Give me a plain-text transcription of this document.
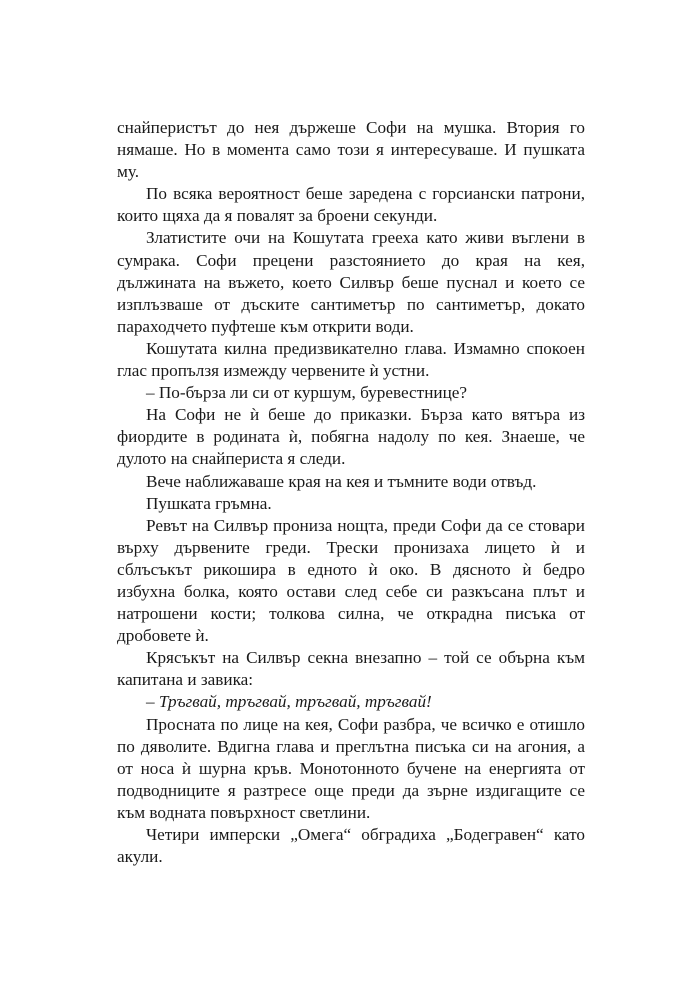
снайперистът до нея държеше Софи на мушка. Втория го
нямаше. Но в момента само този я интересуваше. И пушката
му.
По всяка вероятност беше заредена с горсиански патрони,
които щяха да я повалят за броени секунди.
Златистите очи на Кошутата грееха като живи въглени в
сумрака. Софи прецени разстоянието до края на кея,
дължината на въжето, което Силвър беше пуснал и което се
изплъзваше от дъските сантиметър по сантиметър, докато
параходчето пуфтеше към открити води.
Кошутата килна предизвикателно глава. Измамно спокоен
глас пропълзя измежду червените ѝ устни.
– По-бърза ли си от куршум, буревестнице?
На Софи не ѝ беше до приказки. Бърза като вятъра из
фиордите в родината ѝ, побягна надолу по кея. Знаеше, че
дулото на снайпериста я следи.
Вече наближаваше края на кея и тъмните води отвъд.
Пушката гръмна.
Ревът на Силвър прониза нощта, преди Софи да се стовари
върху дървените греди. Трески пронизаха лицето ѝ и
сблъсъкът рикошира в едното ѝ око. В дясното ѝ бедро
избухна болка, която остави след себе си разкъсана плът и
натрошени кости; толкова силна, че открадна писъка от
дробовете ѝ.
Крясъкът на Силвър секна внезапно – той се обърна към
капитана и завика:
– Тръгвай, тръгвай, тръгвай, тръгвай!
Просната по лице на кея, Софи разбра, че всичко е отишло
по дяволите. Вдигна глава и преглътна писъка си на агония, а
от носа ѝ шурна кръв. Монотонното бучене на енергията от
подводниците я разтресе още преди да зърне издигащите се
към водната повърхност светлини.
Четири имперски „Омега“ обградиха „Бодегравен“ като
акули.
